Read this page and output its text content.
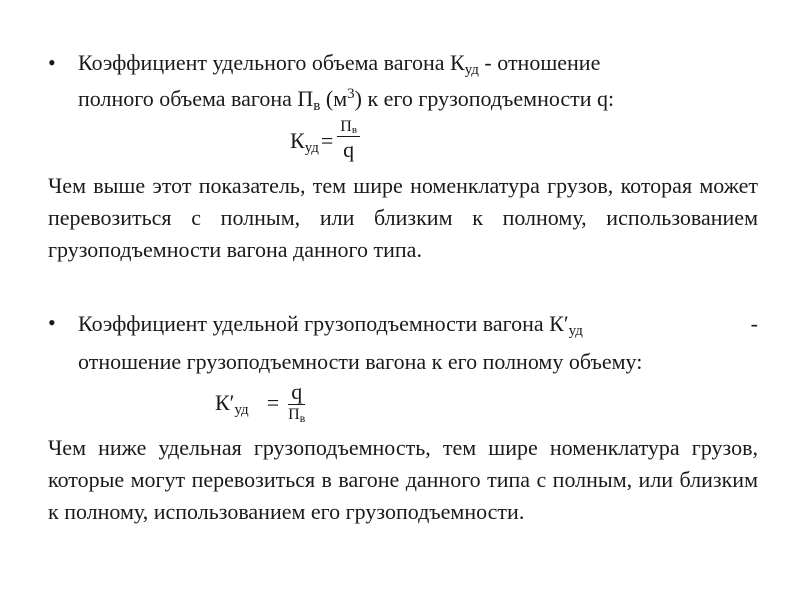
•	Коэффициент удельного объема вагона $К_{уд}$ - отношение
полного объема вагона $П_в$ $(м^3)$ к его грузоподъемности q:
$К_{уд} = \frac{П_в}{q}$
Чем выше этот показатель, тем шире номенклатура грузов, которая может перевозиться с полным, или близким к полному, использованием грузоподъемности вагона данного типа.
•	Коэффициент удельной грузоподъемности вагона $К'_{уд}$	-
отношение грузоподъемности вагона к его полному объему:
$К'_{уд} = \frac{q}{П_в}$
Чем ниже удельная грузоподъемность, тем шире номенклатура грузов, которые могут перевозиться в вагоне данного типа с полным, или близким к полному, использованием его грузоподъемности.
